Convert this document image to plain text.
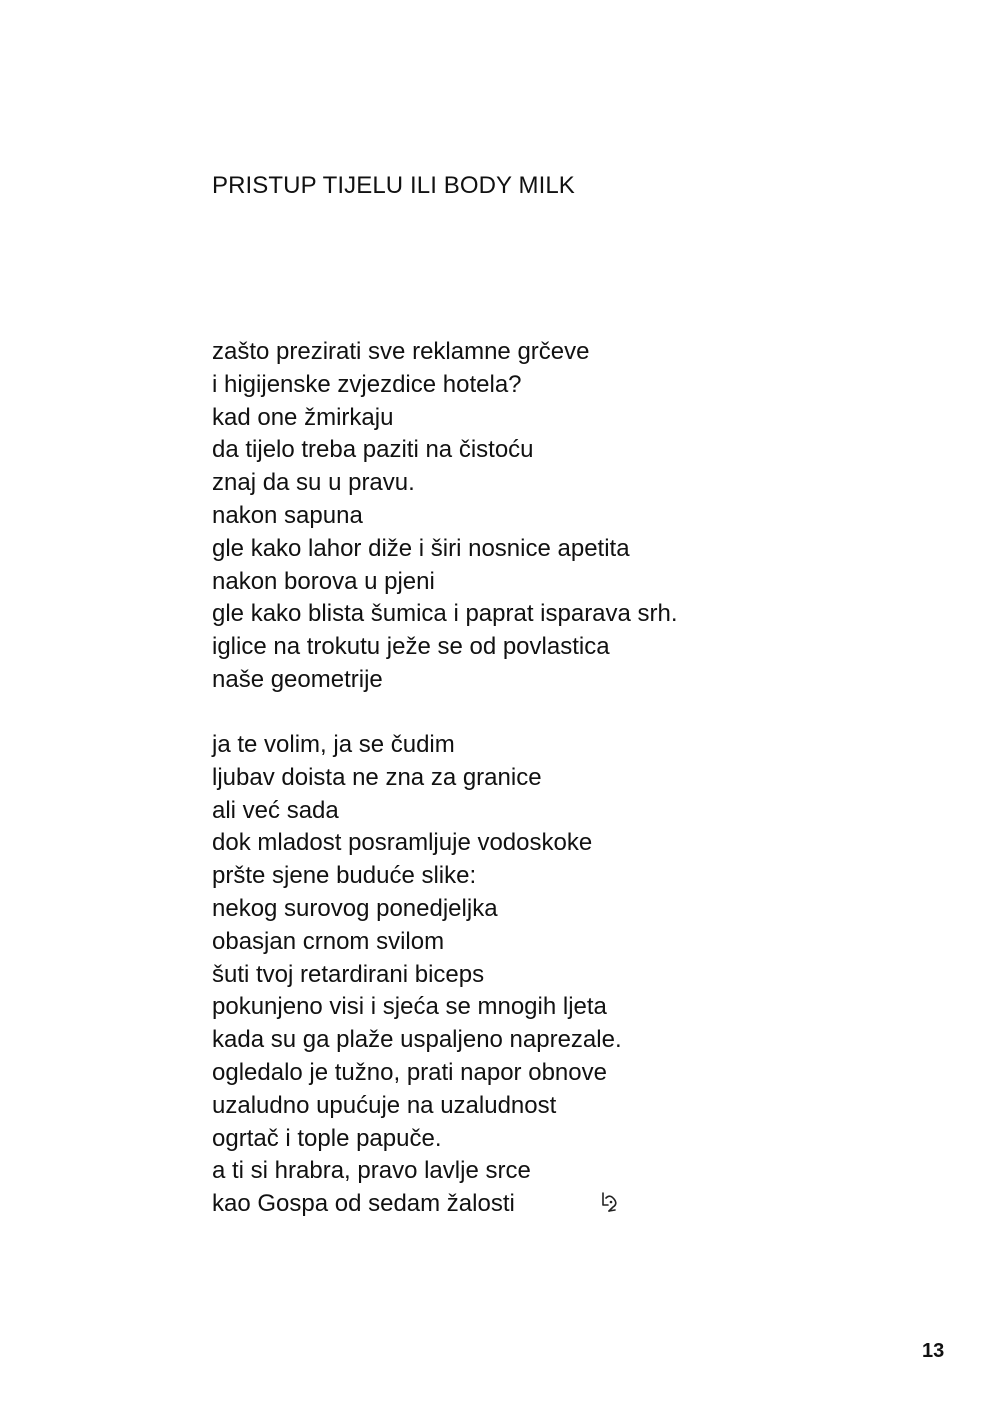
PRISTUP TIJELU ILI BODY MILK
zašto prezirati sve reklamne grčeve
i higijenske zvjezdice hotela?
kad one žmirkaju
da tijelo treba paziti na čistoću
znaj da su u pravu.
nakon sapuna
gle kako lahor diže i širi nosnice apetita
nakon borova u pjeni
gle kako blista šumica i paprat isparava srh.
iglice na trokutu ježe se od povlastica
naše geometrije
ja te volim, ja se čudim
ljubav doista ne zna za granice
ali već sada
dok mladost posramljuje vodoskoke
pršte sjene buduće slike:
nekog surovog ponedjeljka
obasjan crnom svilom
šuti tvoj retardirani biceps
pokunjeno visi i sjeća se mnogih ljeta
kada su ga plaže uspaljeno naprezale.
ogledalo je tužno, prati napor obnove
uzaludno upućuje na uzaludnost
ogrtač i tople papuče.
a ti si hrabra, pravo lavlje srce
kao Gospa od sedam žalosti
13
